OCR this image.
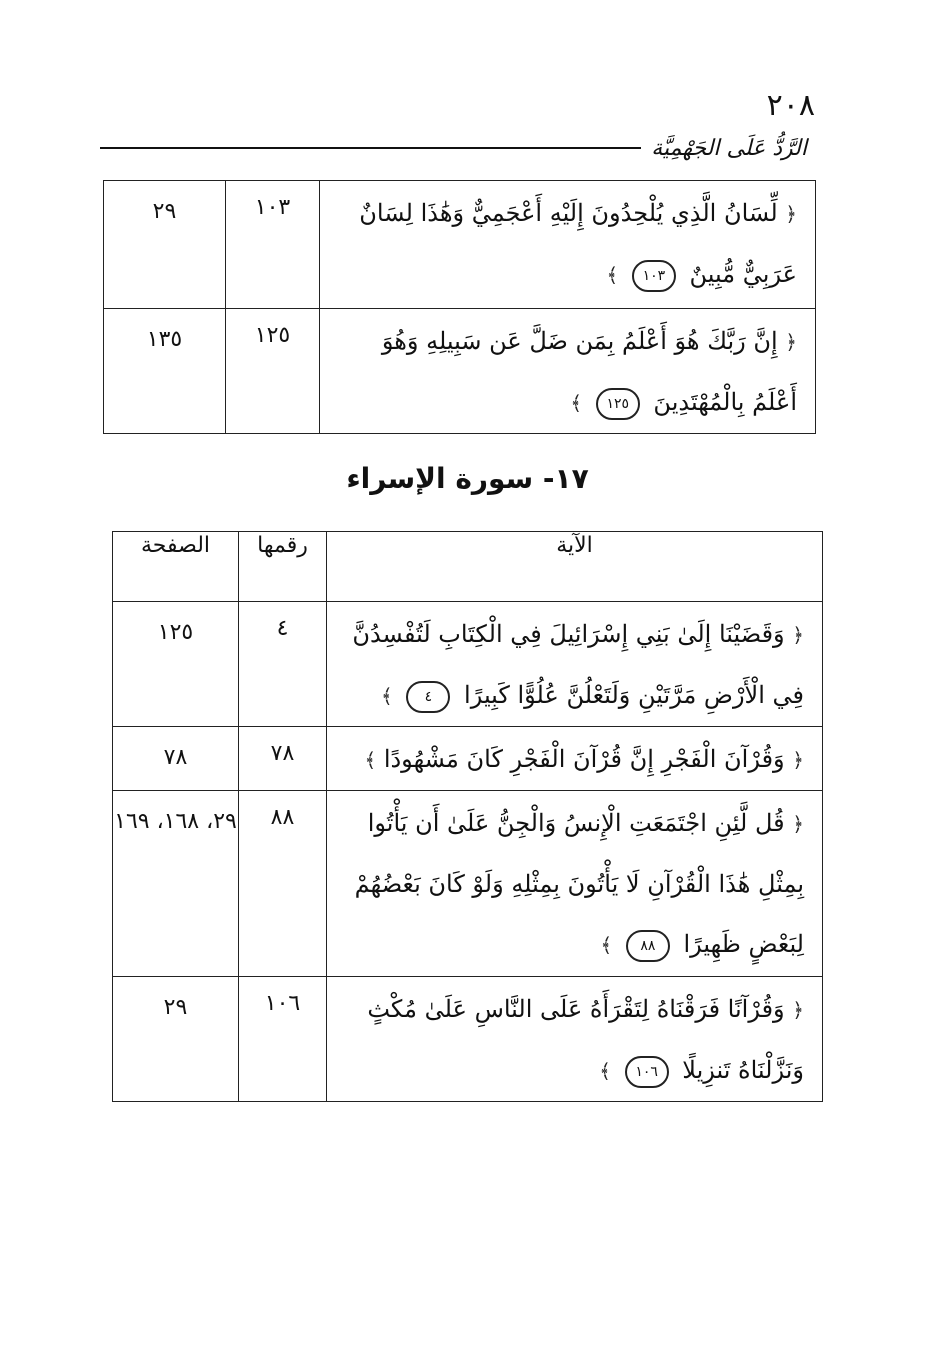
٢٠٨
الرَّدُّ عَلَى الجَهْمِيَّة
﴿ لِّسَانُ الَّذِي يُلْحِدُونَ إِلَيْهِ أَعْجَمِيٌّ وَهَٰذَا لِسَانٌ عَرَبِيٌّ مُّبِينٌ ١٠٣ ﴾	١٠٣	٢٩
﴿ إِنَّ رَبَّكَ هُوَ أَعْلَمُ بِمَن ضَلَّ عَن سَبِيلِهِ وَهُوَ أَعْلَمُ بِالْمُهْتَدِينَ ١٢٥ ﴾	١٢٥	١٣٥
١٧- سورة الإسراء
الآية	رقمها	الصفحة
﴿ وَقَضَيْنَا إِلَىٰ بَنِي إِسْرَائِيلَ فِي الْكِتَابِ لَتُفْسِدُنَّ فِي الْأَرْضِ مَرَّتَيْنِ وَلَتَعْلُنَّ عُلُوًّا كَبِيرًا ٤ ﴾	٤	١٢٥
﴿ وَقُرْآنَ الْفَجْرِ إِنَّ قُرْآنَ الْفَجْرِ كَانَ مَشْهُودًا ﴾	٧٨	٧٨
﴿ قُل لَّئِنِ اجْتَمَعَتِ الْإِنسُ وَالْجِنُّ عَلَىٰ أَن يَأْتُوا بِمِثْلِ هَٰذَا الْقُرْآنِ لَا يَأْتُونَ بِمِثْلِهِ وَلَوْ كَانَ بَعْضُهُمْ لِبَعْضٍ ظَهِيرًا ٨٨ ﴾	٨٨	٢٩، ١٦٨، ١٦٩
﴿ وَقُرْآنًا فَرَقْنَاهُ لِتَقْرَأَهُ عَلَى النَّاسِ عَلَىٰ مُكْثٍ وَنَزَّلْنَاهُ تَنزِيلًا ١٠٦ ﴾	١٠٦	٢٩
